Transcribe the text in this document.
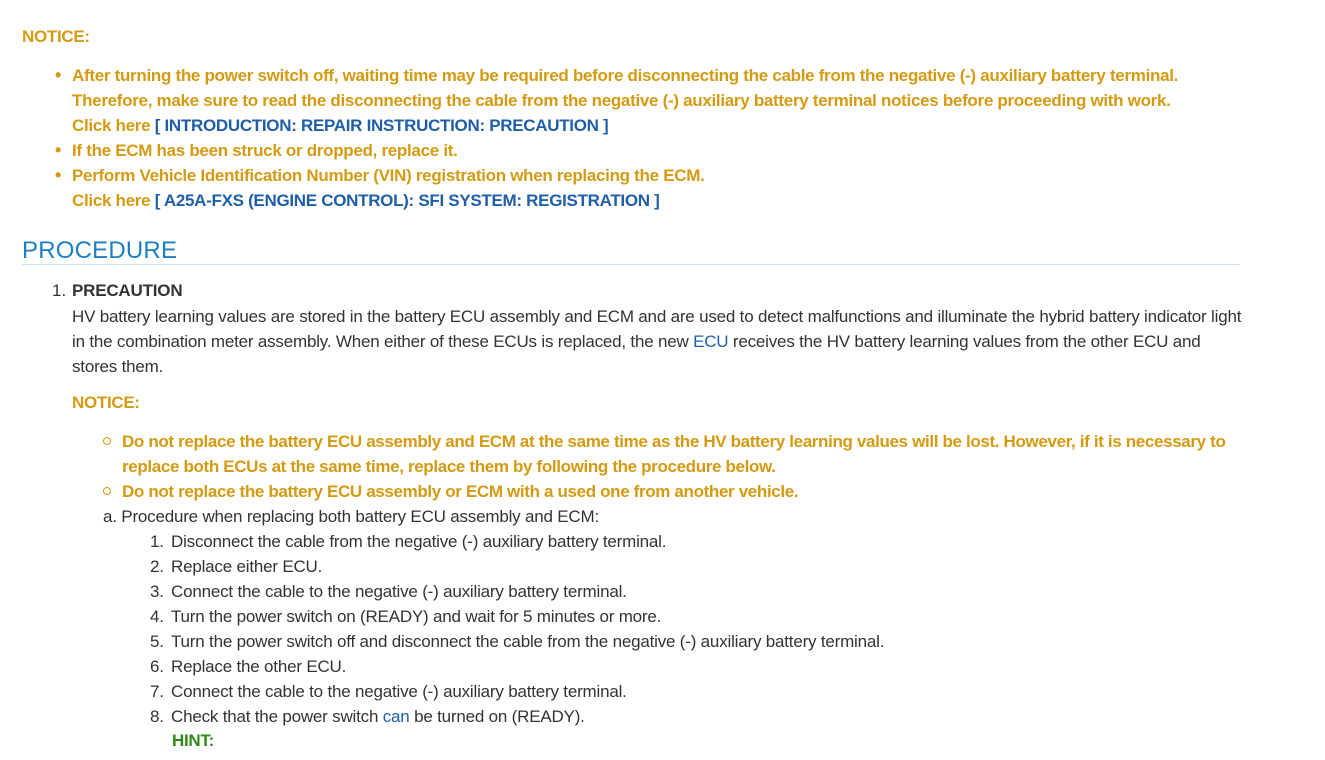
NOTICE:
• After turning the power switch off, waiting time may be required before disconnecting the cable from the negative (-) auxiliary battery terminal.
Therefore, make sure to read the disconnecting the cable from the negative (-) auxiliary battery terminal notices before proceeding with work.
Click here [ INTRODUCTION: REPAIR INSTRUCTION: PRECAUTION ]
• If the ECM has been struck or dropped, replace it.
• Perform Vehicle Identification Number (VIN) registration when replacing the ECM.
Click here [ A25A-FXS (ENGINE CONTROL): SFI SYSTEM: REGISTRATION ]
PROCEDURE
1. PRECAUTION
HV battery learning values are stored in the battery ECU assembly and ECM and are used to detect malfunctions and illuminate the hybrid battery indicator light in the combination meter assembly. When either of these ECUs is replaced, the new ECU receives the HV battery learning values from the other ECU and stores them.
NOTICE:
Do not replace the battery ECU assembly and ECM at the same time as the HV battery learning values will be lost. However, if it is necessary to replace both ECUs at the same time, replace them by following the procedure below.
Do not replace the battery ECU assembly or ECM with a used one from another vehicle.
a. Procedure when replacing both battery ECU assembly and ECM:
1. Disconnect the cable from the negative (-) auxiliary battery terminal.
2. Replace either ECU.
3. Connect the cable to the negative (-) auxiliary battery terminal.
4. Turn the power switch on (READY) and wait for 5 minutes or more.
5. Turn the power switch off and disconnect the cable from the negative (-) auxiliary battery terminal.
6. Replace the other ECU.
7. Connect the cable to the negative (-) auxiliary battery terminal.
8. Check that the power switch can be turned on (READY).
HINT:
